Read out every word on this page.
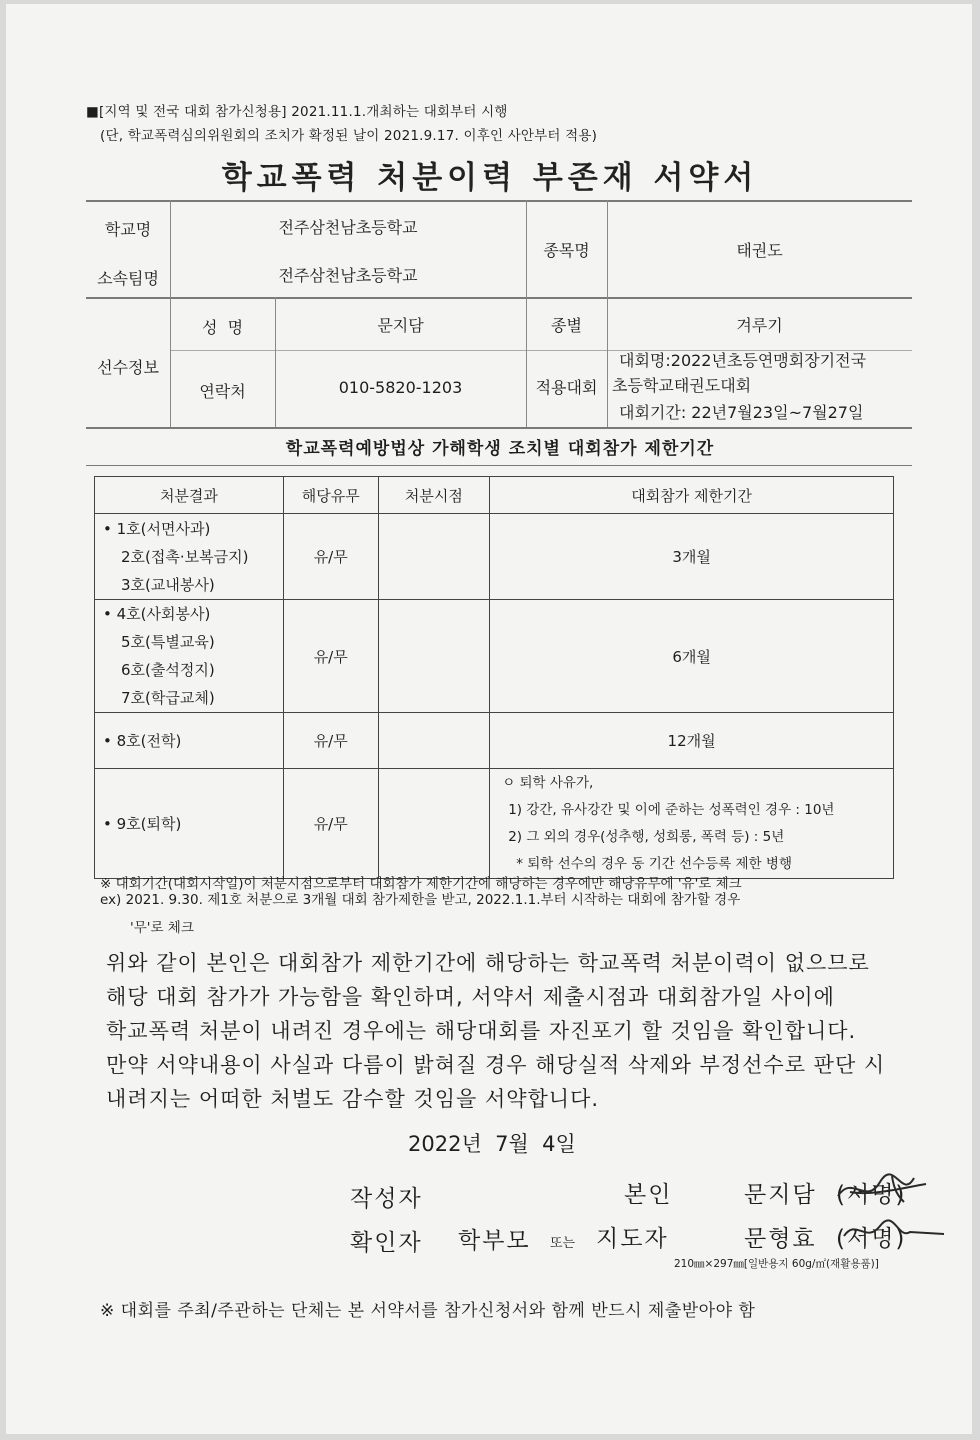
■[지역 및 전국 대회 참가신청용] 2021.11.1.개최하는 대회부터 시행
(단, 학교폭력심의위원회의 조치가 확정된 날이 2021.9.17. 이후인 사안부터 적용)
학교폭력 처분이력 부존재 서약서
학교명	전주삼천남초등학교
소속팀명	전주삼천남초등학교
종목명	태권도
선수정보
성  명	문지담	종별	겨루기
연락처	010-5820-1203	적용대회
대회명:2022년초등연맹회장기전국
초등학교태권도대회
대회기간: 22년7월23일~7월27일
학교폭력예방법상 가해학생 조치별 대회참가 제한기간
처분결과	해당유무	처분시점	대회참가 제한기간

• 1호(서면사과)
2호(접촉·보복금지)
3호(교내봉사)	유/무		3개월

• 4호(사회봉사)
5호(특별교육)
6호(출석정지)
7호(학급교체)	유/무		6개월

• 8호(전학)	유/무		12개월

• 9호(퇴학)	유/무		ㅇ 퇴학 사유가,
1) 강간, 유사강간 및 이에 준하는 성폭력인 경우 : 10년
2) 그 외의 경우(성추행, 성희롱, 폭력 등) : 5년
* 퇴학 선수의 경우 동 기간 선수등록 제한 병행
※ 대회기간(대회시작일)이 처분시점으로부터 대회참가 제한기간에 해당하는 경우에만 해당유무에 '유'로 체크
ex) 2021. 9.30. 제1호 처분으로 3개월 대회 참가제한을 받고, 2022.1.1.부터 시작하는 대회에 참가할 경우
'무'로 체크
위와 같이 본인은 대회참가 제한기간에 해당하는 학교폭력 처분이력이 없으므로 해당 대회 참가가 가능함을 확인하며, 서약서 제출시점과 대회참가일 사이에 학교폭력 처분이 내려진 경우에는 해당대회를 자진포기 할 것임을 확인합니다. 만약 서약내용이 사실과 다름이 밝혀질 경우 해당실적 삭제와 부정선수로 판단 시 내려지는 어떠한 처벌도 감수할 것임을 서약합니다.
2022년  7월  4일
작성자	본인	문지담 (서명)
확인자 학부모 또는 지도자	문형효 (서명)
210㎜×297㎜[일반용지 60g/㎡(재활용품)]
※ 대회를 주최/주관하는 단체는 본 서약서를 참가신청서와 함께 반드시 제출받아야 함
